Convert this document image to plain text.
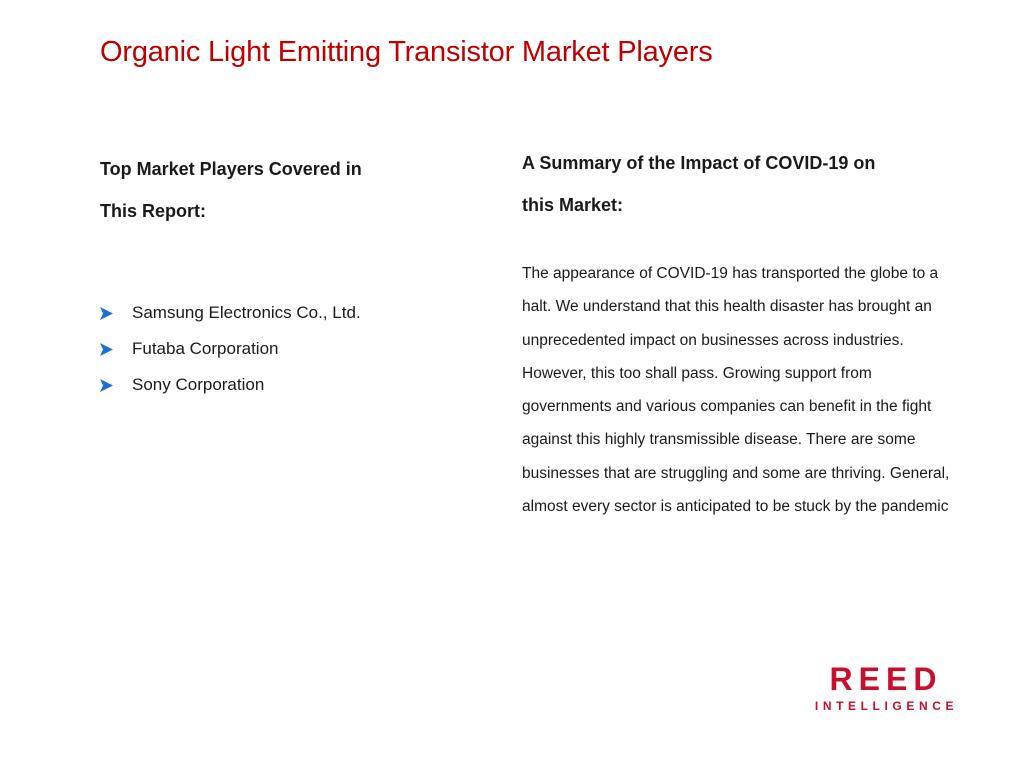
Organic Light Emitting Transistor Market Players
Top Market Players Covered in
This Report:
Samsung Electronics Co., Ltd.
Futaba Corporation
Sony Corporation
A Summary of the Impact of COVID-19 on
this Market:

The appearance of COVID-19 has transported the globe to a halt. We understand that this health disaster has brought an unprecedented impact on businesses across industries. However, this too shall pass. Growing support from governments and various companies can benefit in the fight against this highly transmissible disease. There are some businesses that are struggling and some are thriving. General, almost every sector is anticipated to be stuck by the pandemic

REED
INTELLIGENCE
